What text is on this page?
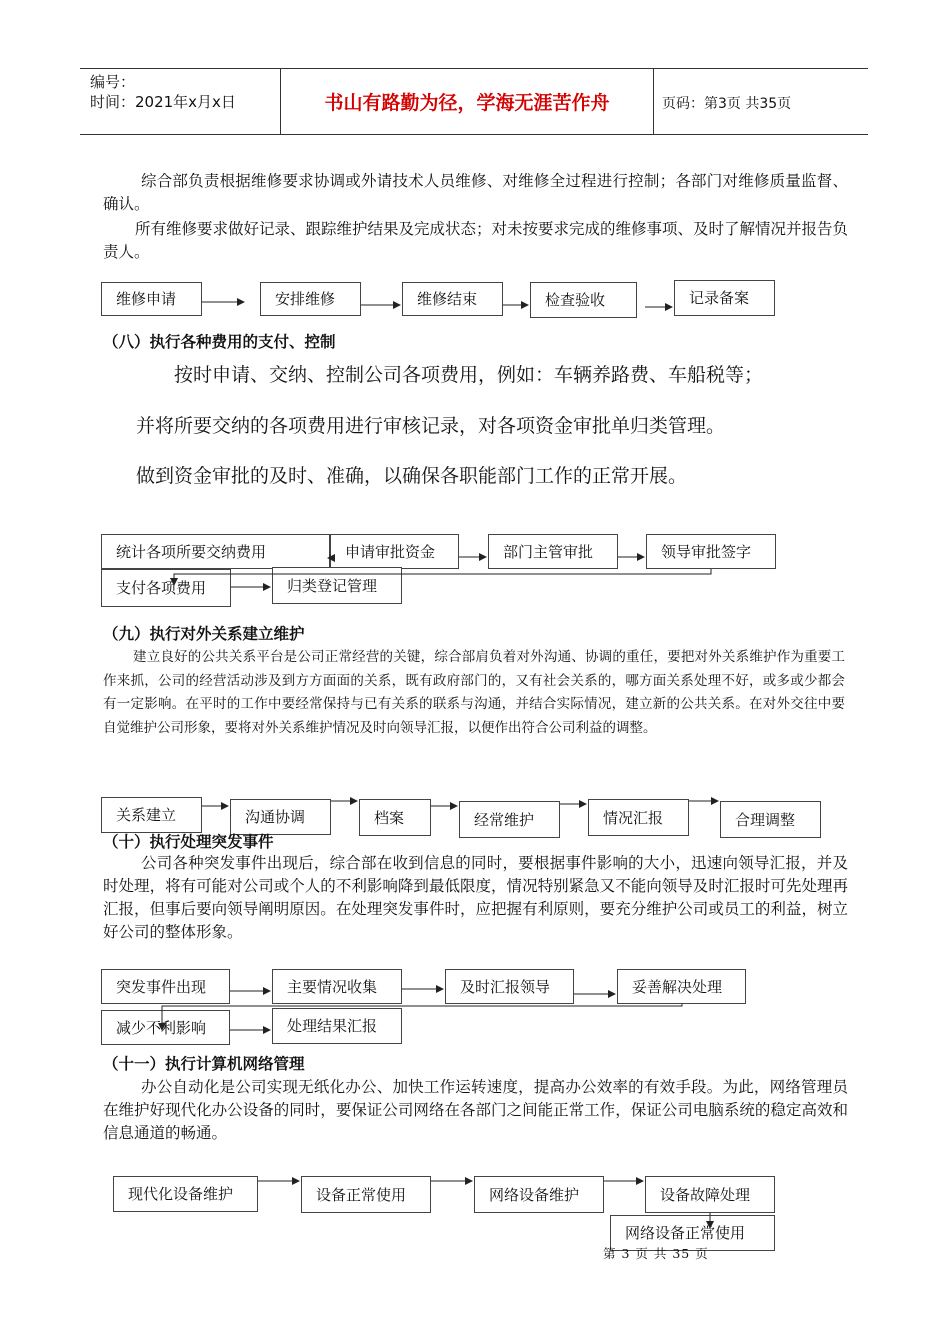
编号：
时间：2021年x月x日	书山有路勤为径，学海无涯苦作舟	页码：第3页 共35页
综合部负责根据维修要求协调或外请技术人员维修、对维修全过程进行控制；各部门对维修质量监督、确认。
所有维修要求做好记录、跟踪维护结果及完成状态；对未按要求完成的维修事项、及时了解情况并报告负责人。
维修申请	安排维修	维修结束	检查验收	记录备案
（八）执行各种费用的支付、控制
按时申请、交纳、控制公司各项费用，例如：车辆养路费、车船税等；
并将所要交纳的各项费用进行审核记录，对各项资金审批单归类管理。
做到资金审批的及时、准确，以确保各职能部门工作的正常开展。
统计各项所要交纳费用	申请审批资金	部门主管审批	领导审批签字
支付各项费用	归类登记管理
（九）执行对外关系建立维护
建立良好的公共关系平台是公司正常经营的关键，综合部肩负着对外沟通、协调的重任，要把对外关系维护作为重要工作来抓，公司的经营活动涉及到方方面面的关系，既有政府部门的，又有社会关系的，哪方面关系处理不好，或多或少都会有一定影响。在平时的工作中要经常保持与已有关系的联系与沟通，并结合实际情况，建立新的公共关系。在对外交往中要自觉维护公司形象，要将对外关系维护情况及时向领导汇报，以便作出符合公司利益的调整。
关系建立	沟通协调	档案	经常维护	情况汇报	合理调整
（十）执行处理突发事件
公司各种突发事件出现后，综合部在收到信息的同时，要根据事件影响的大小，迅速向领导汇报，并及时处理，将有可能对公司或个人的不利影响降到最低限度，情况特别紧急又不能向领导及时汇报时可先处理再汇报，但事后要向领导阐明原因。在处理突发事件时，应把握有利原则，要充分维护公司或员工的利益，树立好公司的整体形象。
突发事件出现	主要情况收集	及时汇报领导	妥善解决处理
减少不利影响	处理结果汇报
（十一）执行计算机网络管理
办公自动化是公司实现无纸化办公、加快工作运转速度，提高办公效率的有效手段。为此，网络管理员在维护好现代化办公设备的同时，要保证公司网络在各部门之间能正常工作，保证公司电脑系统的稳定高效和信息通道的畅通。
现代化设备维护	设备正常使用	网络设备维护	设备故障处理
网络设备正常使用
第 3 页 共 35 页
